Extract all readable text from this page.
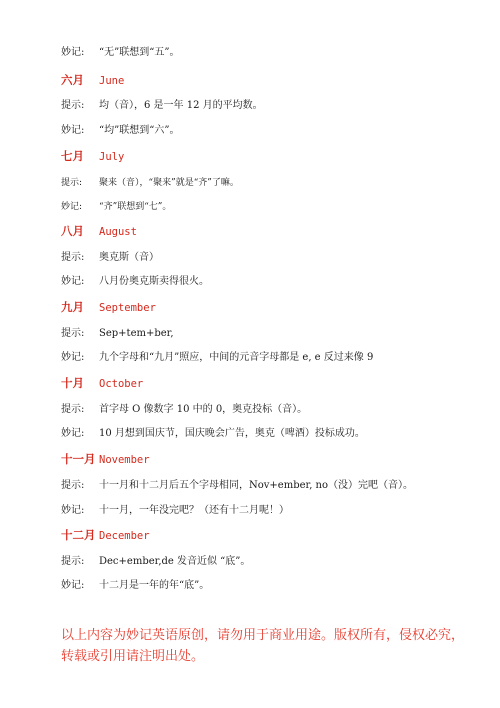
妙记: “无”联想到“五”。
六月 June
提示: 均（音），6 是一年 12 月的平均数。
妙记: “均”联想到“六”。
七月 July
提示: 聚来（音），“聚来”就是“齐”了嘛。
妙记: “齐”联想到“七”。
八月 August
提示: 奥克斯（音）
妙记: 八月份奥克斯卖得很火。
九月 September
提示: Sep+tem+ber,
妙记: 九个字母和“九月”照应，中间的元音字母都是 e, e 反过来像 9
十月 October
提示: 首字母 O 像数字 10 中的 0，奥克投标（音）。
妙记: 10 月想到国庆节，国庆晚会广告，奥克（啤酒）投标成功。
十一月 November
提示: 十一月和十二月后五个字母相同，Nov+ember, no（没）完吧（音）。
妙记: 十一月，一年没完吧？（还有十二月呢！）
十二月 December
提示: Dec+ember,de 发音近似 “底”。
妙记: 十二月是一年的年“底”。
以上内容为妙记英语原创，请勿用于商业用途。版权所有，侵权必究，
转载或引用请注明出处。
